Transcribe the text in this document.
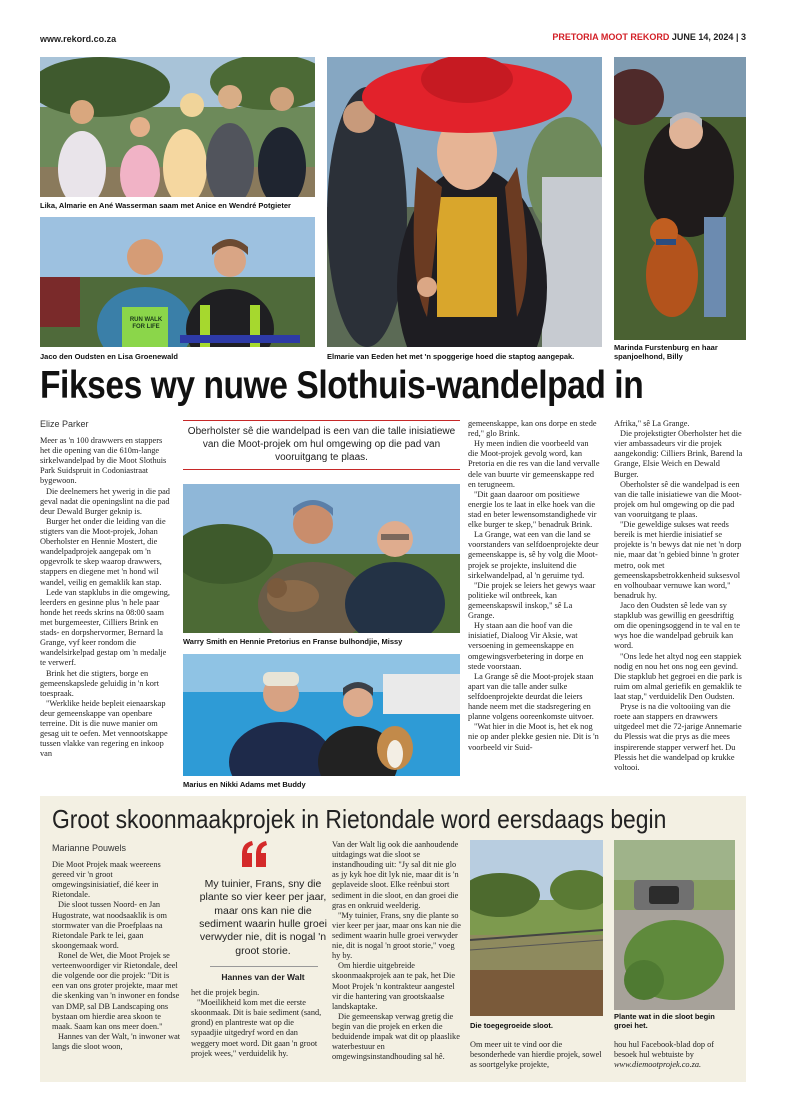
www.rekord.co.za	PRETORIA MOOT REKORD JUNE 14, 2024 | 3
Lika, Almarie en Ané Wasserman saam met Anice en Wendré Potgieter
RUN WALK FOR LIFE
Jaco den Oudsten en Lisa Groenewald	Elmarie van Eeden het met 'n spoggerige hoed die staptog aangepak.
Marinda Furstenburg en haar spanjoelhond, Billy
Fikses wy nuwe Slothuis-wandelpad in
Elize Parker

Meer as 'n 100 drawwers en stappers het die opening van die 610m-lange sirkelwandelpad by die Moot Slothuis Park Suidspruit in Codoniastraat bygewoon.

Die deelnemers het ywerig in die pad geval nadat die openingslint na die pad deur Dewald Burger geknip is.

Burger het onder die leiding van die stigters van die Moot-projek, Johan Oberholster en Hennie Mostert, die wandelpadprojek aangepak om 'n opgevrolk te skep waarop drawwers, stappers en diegene met 'n hond wil wandel, veilig en gemaklik kan stap.

Lede van stapklubs in die omgewing, leerders en gesinne plus 'n hele paar honde het reeds skrins na 08:00 saam met burgemeester, Cilliers Brink en stads- en dorpshervormer, Bernard la Grange, vyf keer rondom die wandelsirkelpad gestap om 'n medalje te verwerf.

Brink het die stigters, borge en gemeenskapslede geluidig in 'n kort toespraak.

"Werklike heide bepleit eienaarskap deur gemeenskappe van openbare terreine. Dit is die nuwe manier om gesag uit te oefen. Met vennootskappe tussen vlakke van regering en inkoop van

Oberholster sê die wandelpad is een van die talle inisiatiewe van die Moot-projek om hul omgewing op die pad van vooruitgang te plaas.
Warry Smith en Hennie Pretorius en Franse bulhondjie, Missy
Marius en Nikki Adams met Buddy

gemeenskappe, kan ons dorpe en stede red," glo Brink.

Hy meen indien die voorbeeld van die Moot-projek gevolg word, kan Pretoria en die res van die land vervalle dele van buurte vir gemeenskappe red en terugneem.

"Dit gaan daaroor om positiewe energie los te laat in elke hoek van die stad en beter lewensomstandighede vir elke burger te skep," benadruk Brink.

La Grange, wat een van die land se voorstanders van selfdoenprojekte deur gemeenskappe is, sê hy volg die Moot-projek se projekte, insluitend die sirkelwandelpad, al 'n geruime tyd.

"Die projek se leiers het gewys waar politieke wil ontbreek, kan gemeenskapswil inskop," sê La Grange.

Hy staan aan die hoof van die inisiatief, Dialoog Vir Aksie, wat versoening in gemeenskappe en omgewingsverbetering in dorpe en stede voorstaan.

La Grange sê die Moot-projek staan apart van die talle ander sulke selfdoenprojekte deurdat die leiers hande neem met die stadsregering en planne volgens ooreenkomste uitvoer.

"Wat hier in die Moot is, het ek nog nie op ander plekke gesien nie. Dit is 'n voorbeeld vir Suid-

Afrika," sê La Grange.

Die projekstigter Oberholster het die vier ambassadeurs vir die projek aangekondig: Cilliers Brink, Barend la Grange, Elsie Weich en Dewald Burger.

Oberholster sê die wandelpad is een van die talle inisiatiewe van die Moot-projek om hul omgewing op die pad van vooruitgang te plaas.

"Die geweldige sukses wat reeds bereik is met hierdie inisiatief se projekte is 'n bewys dat nie net 'n dorp nie, maar dat 'n gebied binne 'n groter metro, ook met gemeenskapsbetrokkenheid suksesvol en volhoubaar vernuwe kan word," benadruk hy.

Jaco den Oudsten sê lede van sy stapklub was gewillig en geesdriftig om die openingsoggend in te val en te wys hoe die wandelpad gebruik kan word.

"Ons lede het altyd nog een stappiek nodig en nou het ons nog een gevind. Die stapklub het gegroei en die park is ruim om almal geriefik en gemaklik te laat stap," verduidelik Den Oudsten.

Pryse is na die voltooiing van die roete aan stappers en drawwers uitgedeel met die 72-jarige Annemarie du Plessis wat die prys as die mees inspirerende stapper verwerf het. Du Plessis het die wandelpad op krukke voltooi.

Groot skoonmaakprojek in Rietondale word eersdaags begin
Marianne Pouwels

Die Moot Projek maak weereens gereed vir 'n groot omgewingsinisiatief, dié keer in Rietondale.

Die sloot tussen Noord- en Jan Hugostrate, wat noodsaaklik is om stormwater van die Proefplaas na Rietondale Park te lei, gaan skoongemaak word.

Ronel de Wet, die Moot Projek se verteenwoordiger vir Rietondale, deel die volgende oor die projek: "Dit is een van ons groter projekte, maar met die skenking van 'n inwoner en fondse van DMP, sal DB Landscaping ons bystaan om hierdie area skoon te maak. Saam kan ons meer doen."

Hannes van der Walt, 'n inwoner wat langs die sloot woon,

My tuinier, Frans, sny die plante so vier keer per jaar, maar ons kan nie die sediment waarin hulle groei verwyder nie, dit is nogal 'n groot storie.
Hannes van der Walt

het die projek begin.

"Moeilikheid kom met die eerste skoonmaak. Dit is baie sediment (sand, grond) en plantreste wat op die sypaadjie uitgedryf word en dan weggery moet word. Dit gaan 'n groot projek wees," verduidelik hy.

Van der Walt lig ook die aanhoudende uitdagings wat die sloot se instandhouding uit: "Jy sal dit nie glo as jy kyk hoe dit lyk nie, maar dit is 'n geplaveide sloot. Elke reënbui stort sediment in die sloot, en dan groei die gras en onkruid weelderig.

"My tuinier, Frans, sny die plante so vier keer per jaar, maar ons kan nie die sediment waarin hulle groei verwyder nie, dit is nogal 'n groot storie," voeg hy by.

Om hierdie uitgebreide skoonmaakprojek aan te pak, het Die Moot Projek 'n kontrakteur aangestel vir die hantering van grootskaalse landskaptake.

Die gemeenskap verwag gretig die begin van die projek en erken die beduidende impak wat dit op plaaslike waterbestuur en omgewingsinstandhouding sal hê.

Die toegegroeide sloot.
Plante wat in die sloot begin groei het.

Om meer uit te vind oor die besonderhede van hierdie projek, sowel as soortgelyke projekte,

hou hul Facebook-blad dop of besoek hul webtuiste by www.diemootprojek.co.za.
